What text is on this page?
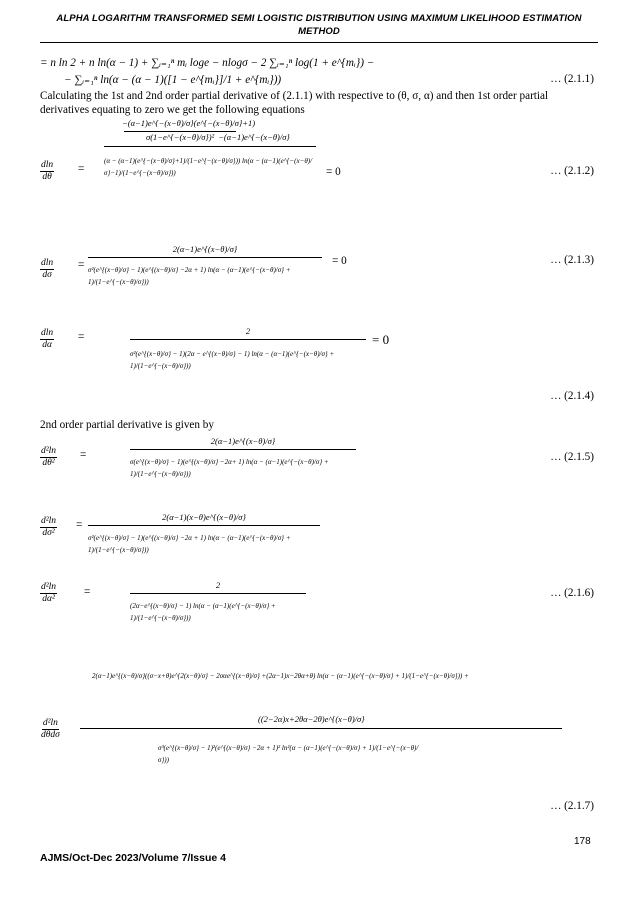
ALPHA LOGARITHM TRANSFORMED SEMI LOGISTIC DISTRIBUTION USING MAXIMUM LIKELIHOOD ESTIMATION METHOD
= n ln 2 + n ln(α − 1) + ∑ᵢ₌₁ⁿ mᵢ loge − nlogσ − 2 ∑ᵢ₌₁ⁿ log(1 + e^{mᵢ}) −
− ∑ᵢ₌₁ⁿ ln(α − (α − 1)([1 − e^{mᵢ}]/1 + e^{mᵢ}))	… (2.1.1)
Calculating the 1st and 2nd order partial derivative of (2.1.1) with respective to (θ, σ, α) and then 1st order partial derivatives equating to zero we get the following equations
$\frac{dln}{d\theta}$ =
−(α−1)e^{−(x−θ)/σ}(e^{−(x−θ)/σ}+1)
σ(1−e^{−(x−θ)/σ})² −(α−1)e^{−(x−θ)/σ}
(α − (α−1)(e^{−(x−θ)/σ}+1)/(1−e^{−(x−θ)/σ})) ln(α − (α−1)(e^{−(x−θ)/σ}−1)/(1−e^{−(x−θ)/σ}))	= 0	… (2.1.2)
$\frac{dln}{d\sigma}$ =
2(α−1)e^{(x−θ)/σ}
σ²(e^{(x−θ)/σ} − 1)(e^{(x−θ)/σ} −2α + 1) ln(α − (α−1)(e^{−(x−θ)/σ} + 1)/(1−e^{−(x−θ)/σ}))
= 0	… (2.1.3)
$\frac{dln}{d\alpha}$ =	2
σ²(e^{(x−θ)/σ} − 1)(2α − e^{(x−θ)/σ} − 1) ln(α − (α−1)(e^{−(x−θ)/σ} + 1)/(1−e^{−(x−θ)/σ}))
= 0
… (2.1.4)
2nd order partial derivative is given by
$\frac{\text{d²ln}}{\text{dθ²}}$ =
2(α−1)e^{(x−θ)/σ}
σ(e^{(x−θ)/σ} − 1)(e^{(x−θ)/σ} −2α+ 1) ln(α − (α−1)(e^{−(x−θ)/σ} + 1)/(1−e^{−(x−θ)/σ}))
… (2.1.5)
$\frac{\text{d²ln}}{\text{dσ²}}$ =
2(α−1)(x−θ)e^{(x−θ)/σ}
σ²(e^{(x−θ)/σ} − 1)(e^{(x−θ)/σ} −2α + 1) ln(α − (α−1)(e^{−(x−θ)/σ} + 1)/(1−e^{−(x−θ)/σ}))
$\frac{\text{d²ln}}{\text{dα²}}$ =
2
(2α−e^{(x−θ)/σ} − 1) ln(α − (α−1)(e^{−(x−θ)/σ} + 1)/(1−e^{−(x−θ)/σ}))
… (2.1.6)
2(α−1)e^{(x−θ)/σ}((σ−x+θ)e^{2(x−θ)/σ} − 2σαe^{(x−θ)/σ} +(2α−1)x−2θα+θ) ln(α − (α−1)(e^{−(x−θ)/σ} + 1)/(1−e^{−(x−θ)/σ})) +
$\frac{\text{d²ln}}{\text{dθdσ}}$	((2−2α)x+2θα−2θ)e^{(x−θ)/σ}
σ³(e^{(x−θ)/σ} − 1)²(e^{(x−θ)/σ} −2α + 1)² ln²(α − (α−1)(e^{−(x−θ)/σ} + 1)/(1−e^{−(x−θ)/σ}))
… (2.1.7)
178
AJMS/Oct-Dec 2023/Volume 7/Issue 4
